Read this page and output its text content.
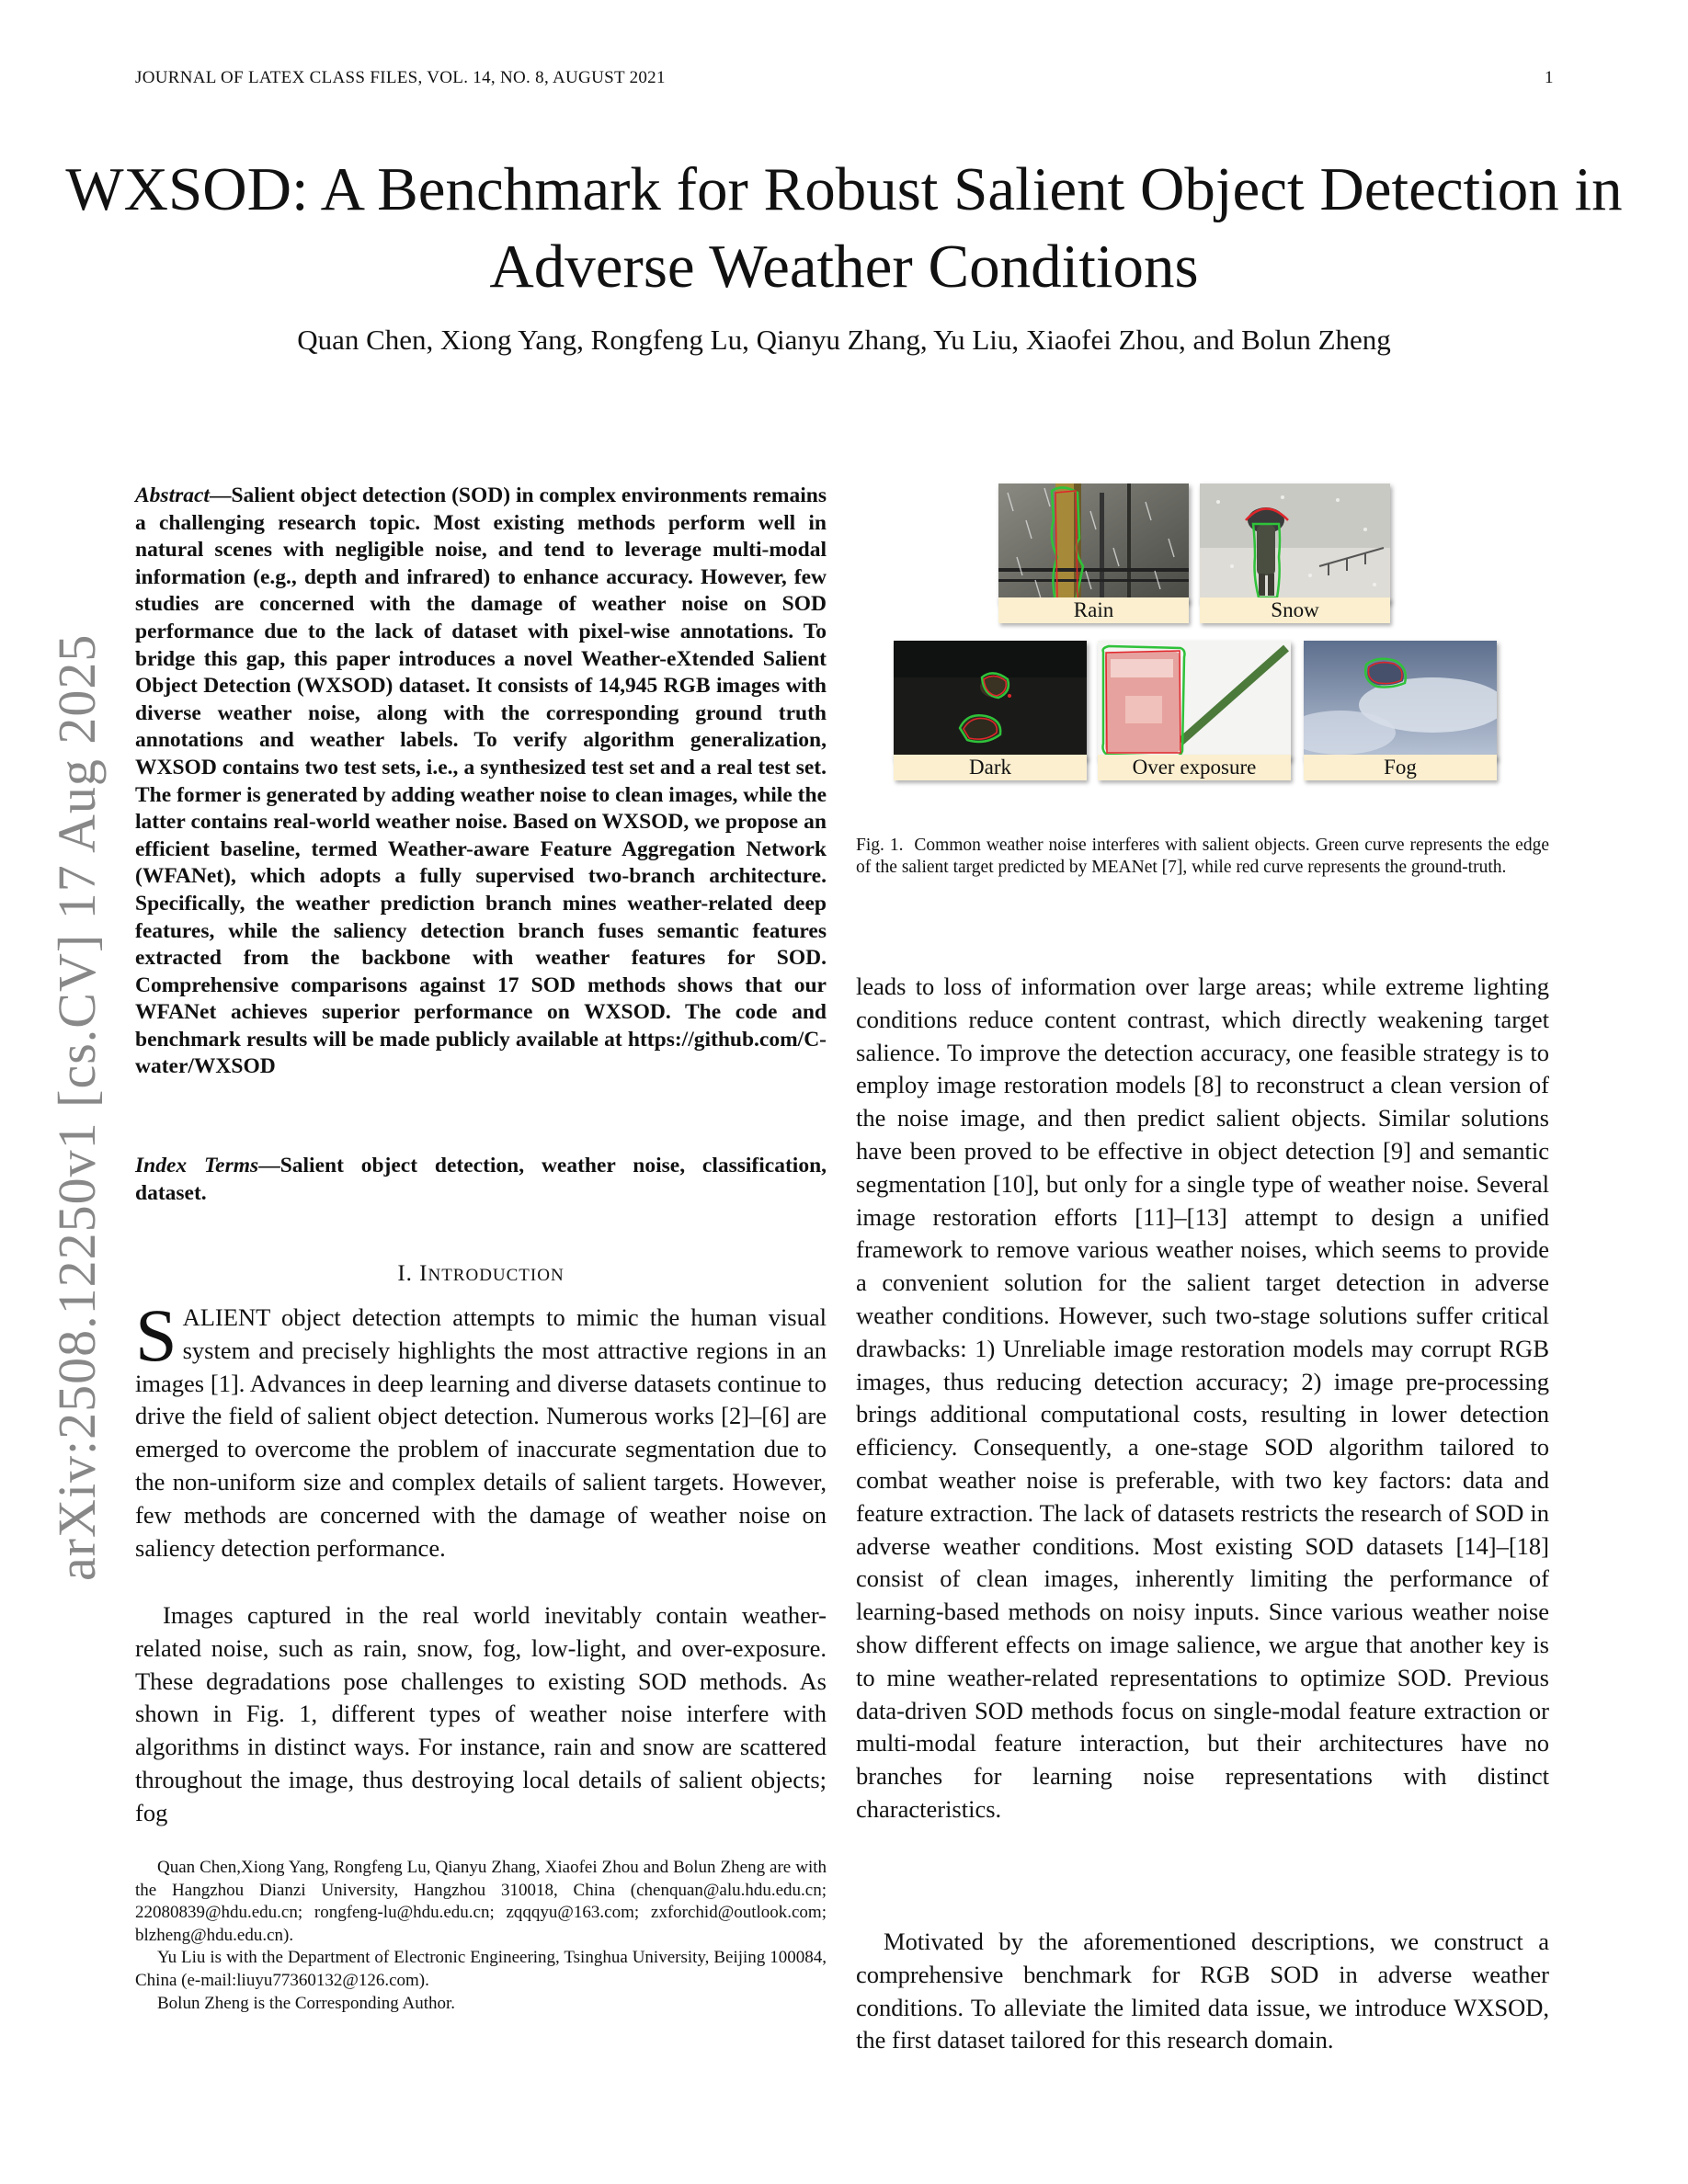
JOURNAL OF LATEX CLASS FILES, VOL. 14, NO. 8, AUGUST 2021	1
WXSOD: A Benchmark for Robust Salient Object Detection in Adverse Weather Conditions
Quan Chen, Xiong Yang, Rongfeng Lu, Qianyu Zhang, Yu Liu, Xiaofei Zhou, and Bolun Zheng
arXiv:2508.12250v1 [cs.CV] 17 Aug 2025
Abstract—Salient object detection (SOD) in complex environments remains a challenging research topic. Most existing methods perform well in natural scenes with negligible noise, and tend to leverage multi-modal information (e.g., depth and infrared) to enhance accuracy. However, few studies are concerned with the damage of weather noise on SOD performance due to the lack of dataset with pixel-wise annotations. To bridge this gap, this paper introduces a novel Weather-eXtended Salient Object Detection (WXSOD) dataset. It consists of 14,945 RGB images with diverse weather noise, along with the corresponding ground truth annotations and weather labels. To verify algorithm generalization, WXSOD contains two test sets, i.e., a synthesized test set and a real test set. The former is generated by adding weather noise to clean images, while the latter contains real-world weather noise. Based on WXSOD, we propose an efficient baseline, termed Weather-aware Feature Aggregation Network (WFANet), which adopts a fully supervised two-branch architecture. Specifically, the weather prediction branch mines weather-related deep features, while the saliency detection branch fuses semantic features extracted from the backbone with weather features for SOD. Comprehensive comparisons against 17 SOD methods shows that our WFANet achieves superior performance on WXSOD. The code and benchmark results will be made publicly available at https://github.com/C-water/WXSOD
Index Terms—Salient object detection, weather noise, classification, dataset.
I. INTRODUCTION
SALIENT object detection attempts to mimic the human visual system and precisely highlights the most attractive regions in an images [1]. Advances in deep learning and diverse datasets continue to drive the field of salient object detection. Numerous works [2]–[6] are emerged to overcome the problem of inaccurate segmentation due to the non-uniform size and complex details of salient targets. However, few methods are concerned with the damage of weather noise on saliency detection performance.
Images captured in the real world inevitably contain weather-related noise, such as rain, snow, fog, low-light, and over-exposure. These degradations pose challenges to existing SOD methods. As shown in Fig. 1, different types of weather noise interfere with algorithms in distinct ways. For instance, rain and snow are scattered throughout the image, thus destroying local details of salient objects; fog

Quan Chen,Xiong Yang, Rongfeng Lu, Qianyu Zhang, Xiaofei Zhou and Bolun Zheng are with the Hangzhou Dianzi University, Hangzhou 310018, China (chenquan@alu.hdu.edu.cn; 22080839@hdu.edu.cn; rongfeng-lu@hdu.edu.cn; zqqqyu@163.com; zxforchid@outlook.com; blzheng@hdu.edu.cn).

Yu Liu is with the Department of Electronic Engineering, Tsinghua University, Beijing 100084, China (e-mail:liuyu77360132@126.com).

Bolun Zheng is the Corresponding Author.

Rain	Snow
Dark	Over exposure	Fog
Fig. 1. Common weather noise interferes with salient objects. Green curve represents the edge of the salient target predicted by MEANet [7], while red curve represents the ground-truth.
leads to loss of information over large areas; while extreme lighting conditions reduce content contrast, which directly weakening target salience. To improve the detection accuracy, one feasible strategy is to employ image restoration models [8] to reconstruct a clean version of the noise image, and then predict salient objects. Similar solutions have been proved to be effective in object detection [9] and semantic segmentation [10], but only for a single type of weather noise. Several image restoration efforts [11]–[13] attempt to design a unified framework to remove various weather noises, which seems to provide a convenient solution for the salient target detection in adverse weather conditions. However, such two-stage solutions suffer critical drawbacks: 1) Unreliable image restoration models may corrupt RGB images, thus reducing detection accuracy; 2) image pre-processing brings additional computational costs, resulting in lower detection efficiency. Consequently, a one-stage SOD algorithm tailored to combat weather noise is preferable, with two key factors: data and feature extraction. The lack of datasets restricts the research of SOD in adverse weather conditions. Most existing SOD datasets [14]–[18] consist of clean images, inherently limiting the performance of learning-based methods on noisy inputs. Since various weather noise show different effects on image salience, we argue that another key is to mine weather-related representations to optimize SOD. Previous data-driven SOD methods focus on single-modal feature extraction or multi-modal feature interaction, but their architectures have no branches for learning noise representations with distinct characteristics.
Motivated by the aforementioned descriptions, we construct a comprehensive benchmark for RGB SOD in adverse weather conditions. To alleviate the limited data issue, we introduce WXSOD, the first dataset tailored for this research domain.
